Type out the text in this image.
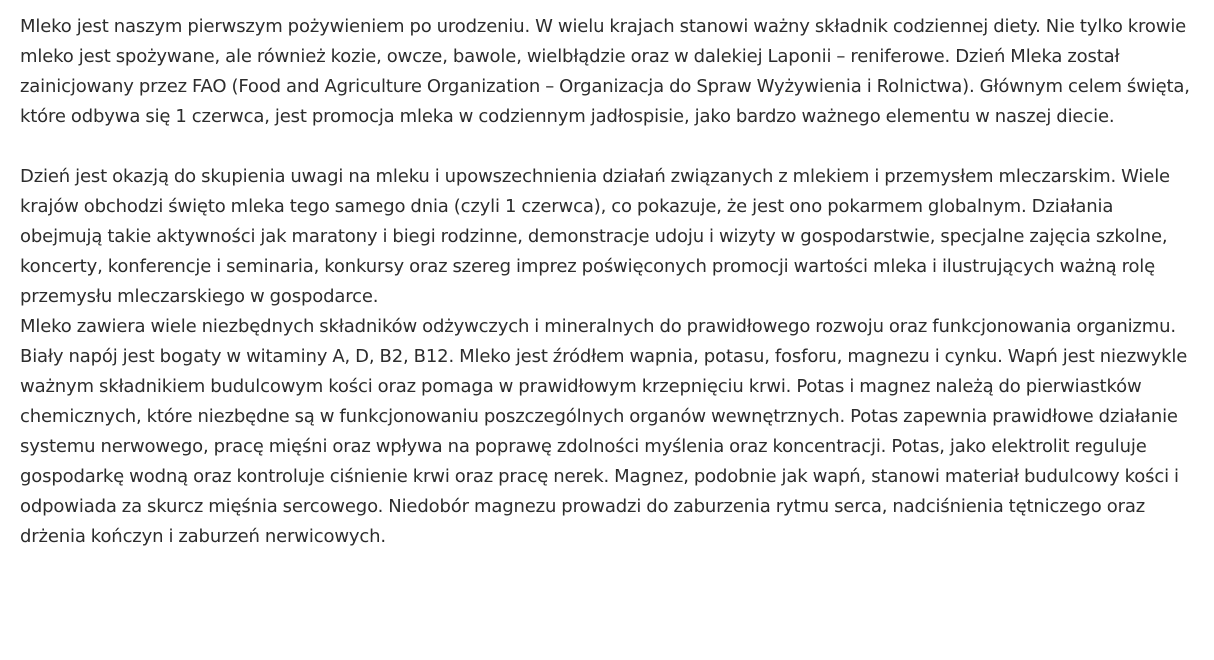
Mleko jest naszym pierwszym pożywieniem po urodzeniu. W wielu krajach stanowi ważny składnik codziennej diety. Nie tylko krowie mleko jest spożywane, ale również kozie, owcze, bawole, wielbłądzie oraz w dalekiej Laponii – reniferowe. Dzień Mleka został zainicjowany przez FAO (Food and Agriculture Organization – Organizacja do Spraw Wyżywienia i Rolnictwa). Głównym celem święta, które odbywa się 1 czerwca, jest promocja mleka w codziennym jadłospisie, jako bardzo ważnego elementu w naszej diecie.

Dzień jest okazją do skupienia uwagi na mleku i upowszechnienia działań związanych z mlekiem i przemysłem mleczarskim. Wiele krajów obchodzi święto mleka tego samego dnia (czyli 1 czerwca), co pokazuje, że jest ono pokarmem globalnym. Działania obejmują takie aktywności jak maratony i biegi rodzinne, demonstracje udoju i wizyty w gospodarstwie, specjalne zajęcia szkolne, koncerty, konferencje i seminaria, konkursy oraz szereg imprez poświęconych promocji wartości mleka i ilustrujących ważną rolę przemysłu mleczarskiego w gospodarce.

Mleko zawiera wiele niezbędnych składników odżywczych i mineralnych do prawidłowego rozwoju oraz funkcjonowania organizmu. Biały napój jest bogaty w witaminy A, D, B2, B12. Mleko jest źródłem wapnia, potasu, fosforu, magnezu i cynku. Wapń jest niezwykle ważnym składnikiem budulcowym kości oraz pomaga w prawidłowym krzepnięciu krwi. Potas i magnez należą do pierwiastków chemicznych, które niezbędne są w funkcjonowaniu poszczególnych organów wewnętrznych. Potas zapewnia prawidłowe działanie systemu nerwowego, pracę mięśni oraz wpływa na poprawę zdolności myślenia oraz koncentracji. Potas, jako elektrolit reguluje gospodarkę wodną oraz kontroluje ciśnienie krwi oraz pracę nerek. Magnez, podobnie jak wapń, stanowi materiał budulcowy kości i odpowiada za skurcz mięśnia sercowego. Niedobór magnezu prowadzi do zaburzenia rytmu serca, nadciśnienia tętniczego oraz drżenia kończyn i zaburzeń nerwicowych.
